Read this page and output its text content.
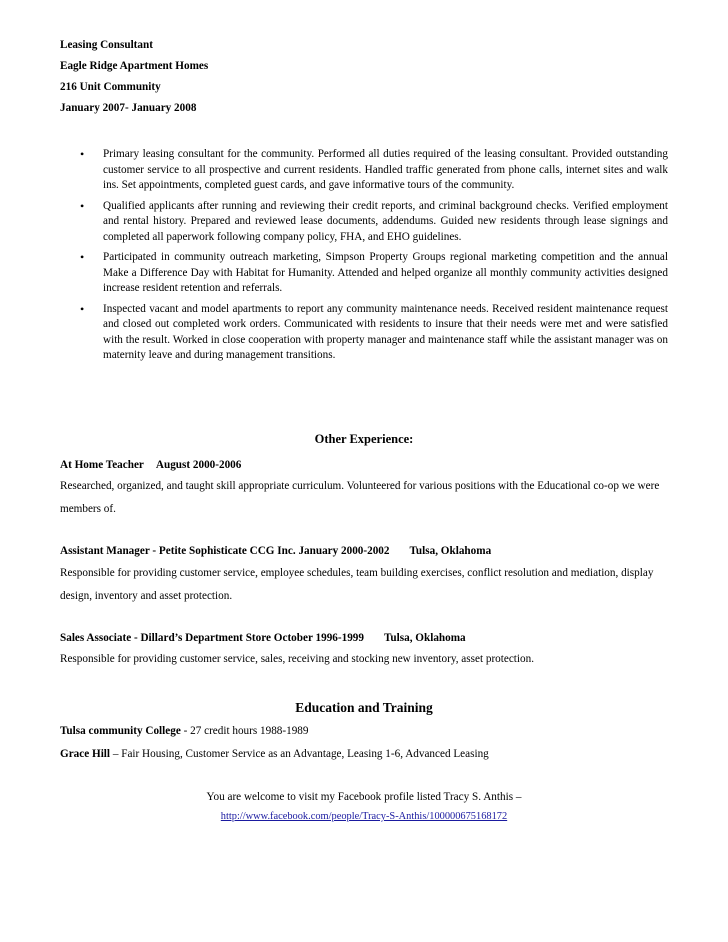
Leasing Consultant
Eagle Ridge Apartment Homes
216 Unit Community
January 2007- January 2008
• Primary leasing consultant for the community. Performed all duties required of the leasing consultant. Provided outstanding customer service to all prospective and current residents. Handled traffic generated from phone calls, internet sites and walk ins. Set appointments, completed guest cards, and gave informative tours of the community.
• Qualified applicants after running and reviewing their credit reports, and criminal background checks. Verified employment and rental history. Prepared and reviewed lease documents, addendums. Guided new residents through lease signings and completed all paperwork following company policy, FHA, and EHO guidelines.
• Participated in community outreach marketing, Simpson Property Groups regional marketing competition and the annual Make a Difference Day with Habitat for Humanity. Attended and helped organize all monthly community activities designed increase resident retention and referrals.
• Inspected vacant and model apartments to report any community maintenance needs. Received resident maintenance request and closed out completed work orders. Communicated with residents to insure that their needs were met and were satisfied with the result. Worked in close cooperation with property manager and maintenance staff while the assistant manager was on maternity leave and during management transitions.
Other Experience:
At Home Teacher August 2000-2006
Researched, organized, and taught skill appropriate curriculum. Volunteered for various positions with the Educational co-op we were members of.
Assistant Manager - Petite Sophisticate CCG Inc. January 2000-2002 Tulsa, Oklahoma
Responsible for providing customer service, employee schedules, team building exercises, conflict resolution and mediation, display design, inventory and asset protection.
Sales Associate - Dillard’s Department Store October 1996-1999 Tulsa, Oklahoma
Responsible for providing customer service, sales, receiving and stocking new inventory, asset protection.
Education and Training
Tulsa community College - 27 credit hours 1988-1989
Grace Hill – Fair Housing, Customer Service as an Advantage, Leasing 1-6, Advanced Leasing
You are welcome to visit my Facebook profile listed Tracy S. Anthis –
http://www.facebook.com/people/Tracy-S-Anthis/100000675168172
